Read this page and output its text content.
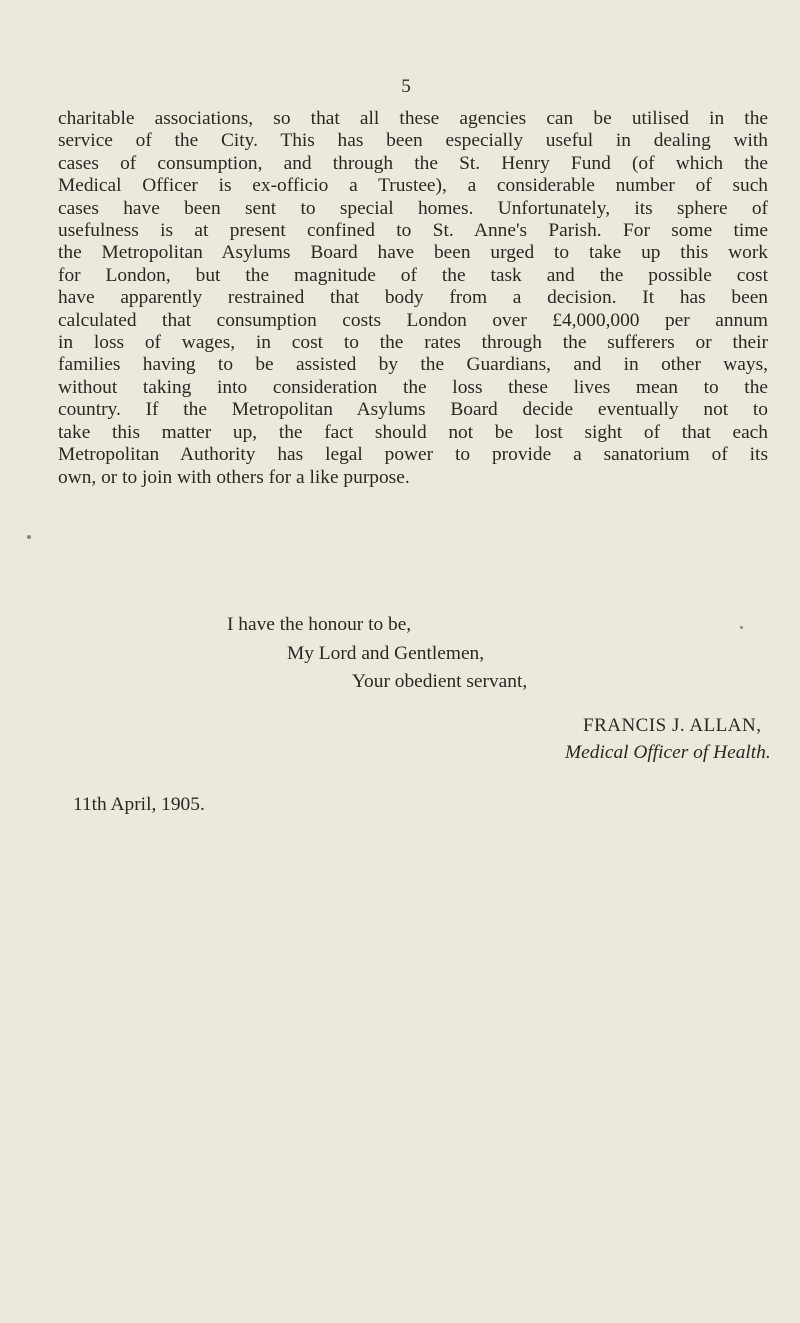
5
charitable associations, so that all these agencies can be utilised in the
service of the City. This has been especially useful in dealing with
cases of consumption, and through the St. Henry Fund (of which the
Medical Officer is ex-officio a Trustee), a considerable number of such
cases have been sent to special homes. Unfortunately, its sphere of
usefulness is at present confined to St. Anne's Parish. For some time
the Metropolitan Asylums Board have been urged to take up this work
for London, but the magnitude of the task and the possible cost
have apparently restrained that body from a decision. It has been
calculated that consumption costs London over £4,000,000 per annum
in loss of wages, in cost to the rates through the sufferers or their
families having to be assisted by the Guardians, and in other ways,
without taking into consideration the loss these lives mean to the
country. If the Metropolitan Asylums Board decide eventually not to
take this matter up, the fact should not be lost sight of that each
Metropolitan Authority has legal power to provide a sanatorium of its
own, or to join with others for a like purpose.
I have the honour to be,
My Lord and Gentlemen,
Your obedient servant,
FRANCIS J. ALLAN,
Medical Officer of Health.
11th April, 1905.
